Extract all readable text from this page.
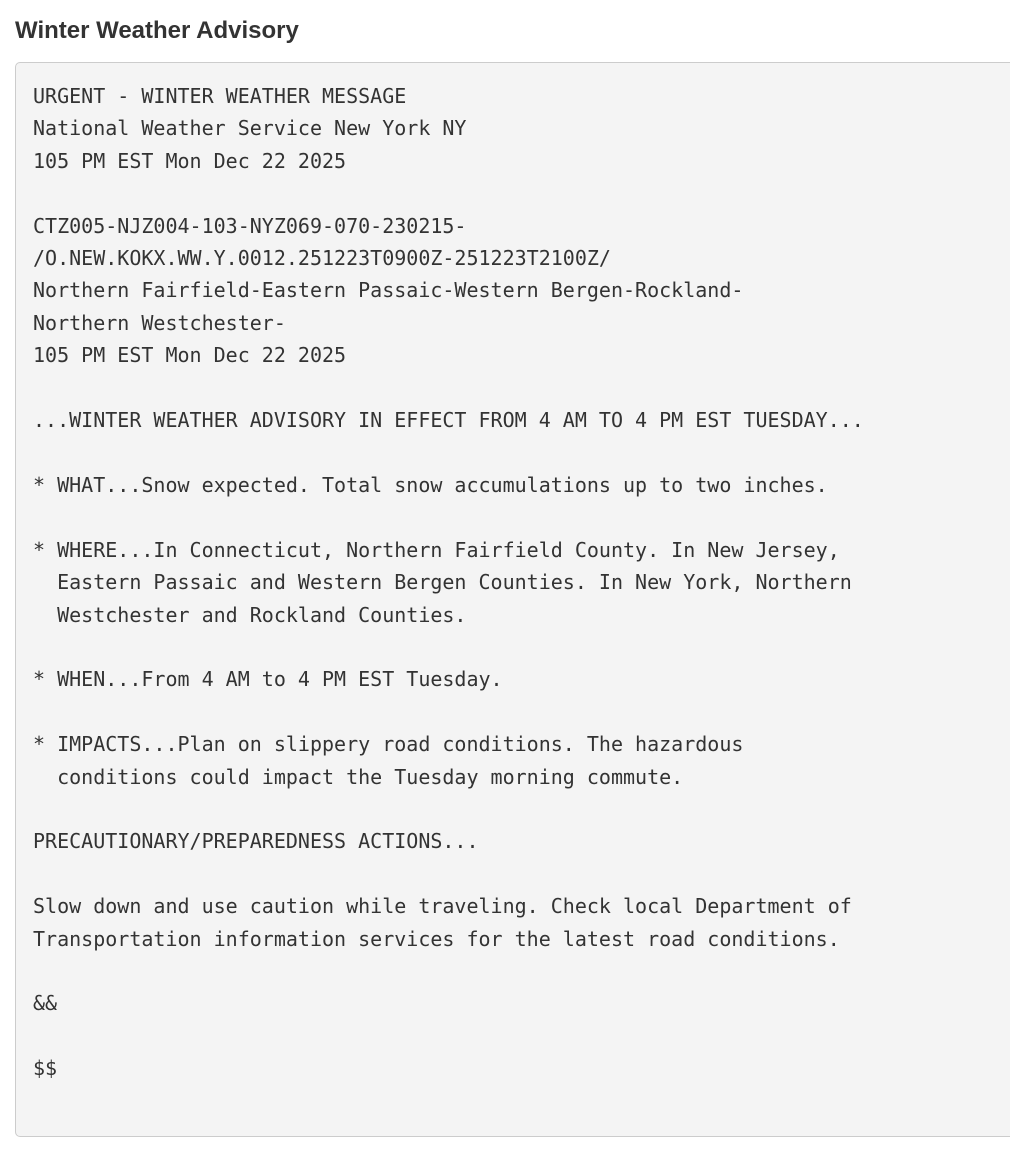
Winter Weather Advisory
URGENT - WINTER WEATHER MESSAGE
National Weather Service New York NY
105 PM EST Mon Dec 22 2025

CTZ005-NJZ004-103-NYZ069-070-230215-
/O.NEW.KOKX.WW.Y.0012.251223T0900Z-251223T2100Z/
Northern Fairfield-Eastern Passaic-Western Bergen-Rockland-
Northern Westchester-
105 PM EST Mon Dec 22 2025

...WINTER WEATHER ADVISORY IN EFFECT FROM 4 AM TO 4 PM EST TUESDAY...

* WHAT...Snow expected. Total snow accumulations up to two inches.

* WHERE...In Connecticut, Northern Fairfield County. In New Jersey,
Eastern Passaic and Western Bergen Counties. In New York, Northern
Westchester and Rockland Counties.

* WHEN...From 4 AM to 4 PM EST Tuesday.

* IMPACTS...Plan on slippery road conditions. The hazardous
conditions could impact the Tuesday morning commute.

PRECAUTIONARY/PREPAREDNESS ACTIONS...

Slow down and use caution while traveling. Check local Department of
Transportation information services for the latest road conditions.

&&

$$
